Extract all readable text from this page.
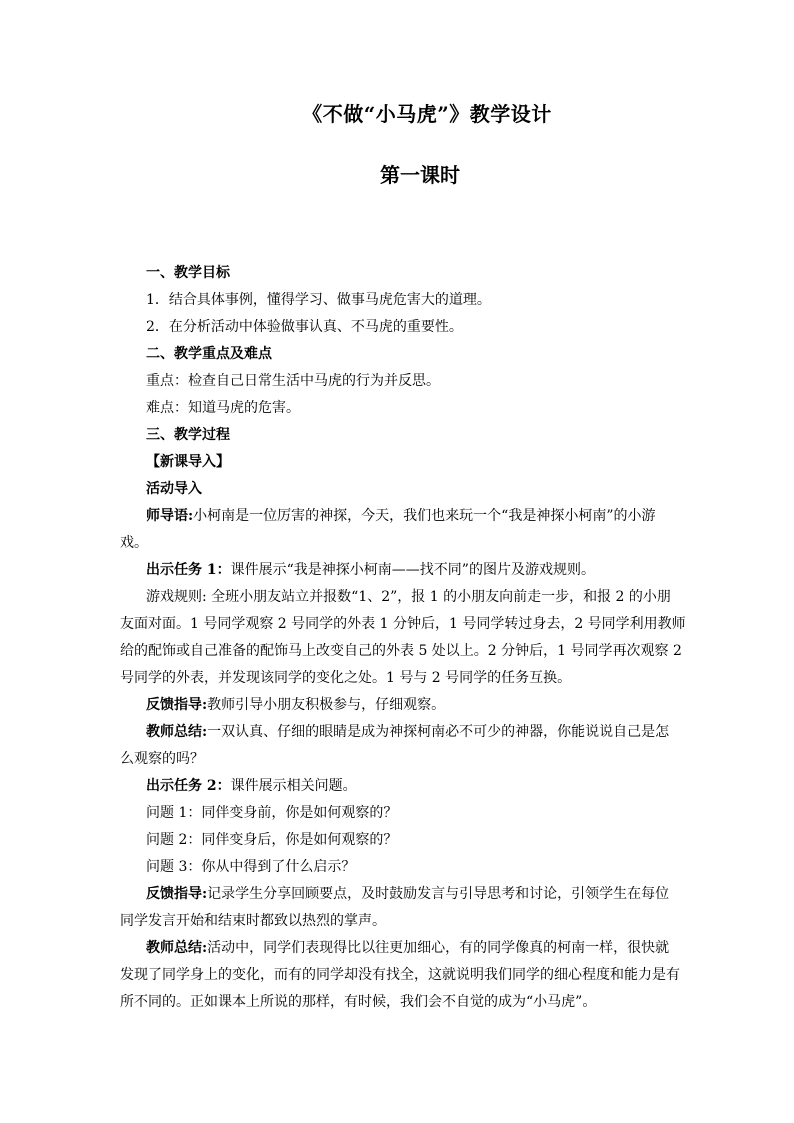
《不做“小马虎”》教学设计
第一课时
一、教学目标
1．结合具体事例，懂得学习、做事马虎危害大的道理。
2．在分析活动中体验做事认真、不马虎的重要性。
二、教学重点及难点
重点：检查自己日常生活中马虎的行为并反思。
难点：知道马虎的危害。
三、教学过程
【新课导入】
活动导入
师导语:小柯南是一位厉害的神探，今天，我们也来玩一个“我是神探小柯南”的小游
戏。
出示任务 1：课件展示“我是神探小柯南——找不同”的图片及游戏规则。
游戏规则: 全班小朋友站立并报数“1、2”，报 1 的小朋友向前走一步，和报 2 的小朋
友面对面。1 号同学观察 2 号同学的外表 1 分钟后，1 号同学转过身去，2 号同学利用教师
给的配饰或自己准备的配饰马上改变自己的外表 5 处以上。2 分钟后，1 号同学再次观察 2
号同学的外表，并发现该同学的变化之处。1 号与 2 号同学的任务互换。
反馈指导:教师引导小朋友积极参与，仔细观察。
教师总结:一双认真、仔细的眼睛是成为神探柯南必不可少的神器，你能说说自己是怎
么观察的吗？
出示任务 2：课件展示相关问题。
问题 1：同伴变身前，你是如何观察的？
问题 2：同伴变身后，你是如何观察的？
问题 3：你从中得到了什么启示？
反馈指导:记录学生分享回顾要点，及时鼓励发言与引导思考和讨论，引领学生在每位
同学发言开始和结束时都致以热烈的掌声。
教师总结:活动中，同学们表现得比以往更加细心，有的同学像真的柯南一样，很快就
发现了同学身上的变化，而有的同学却没有找全，这就说明我们同学的细心程度和能力是有
所不同的。正如课本上所说的那样，有时候，我们会不自觉的成为“小马虎”。
